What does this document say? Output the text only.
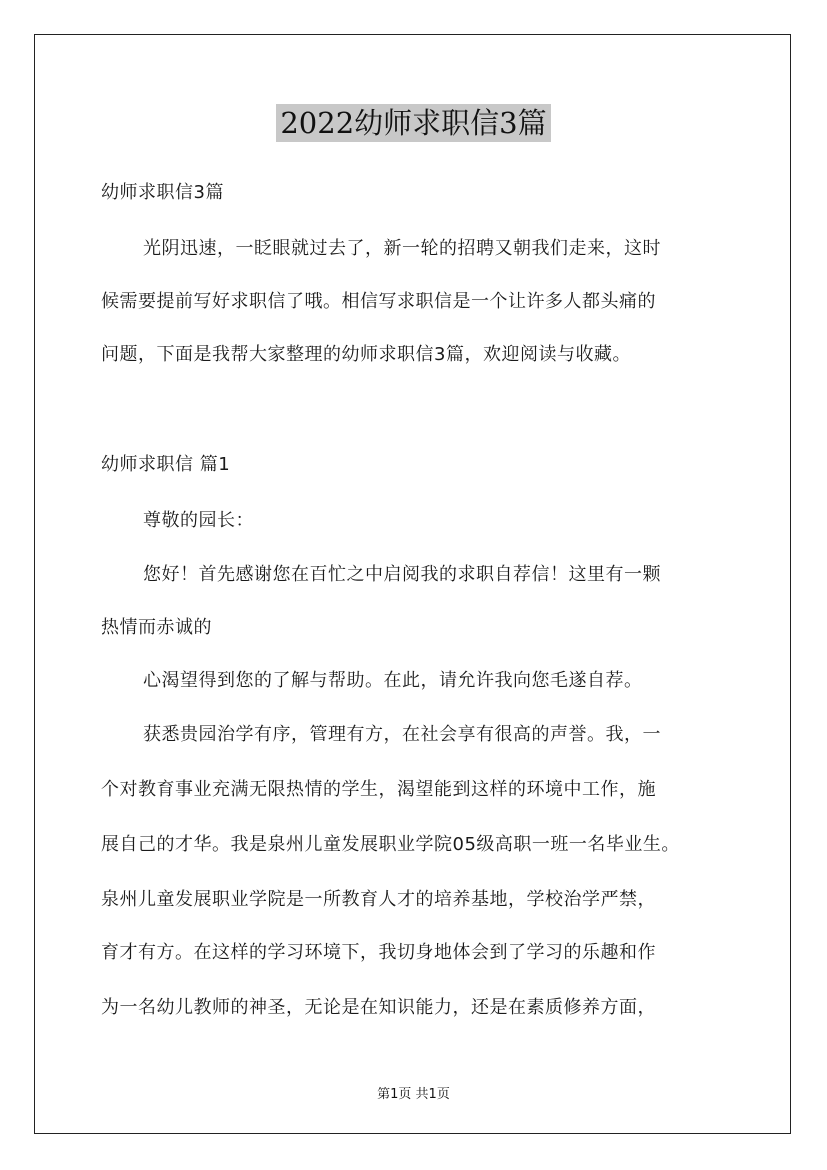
2022幼师求职信3篇
幼师求职信3篇
光阴迅速，一眨眼就过去了，新一轮的招聘又朝我们走来，这时
候需要提前写好求职信了哦。相信写求职信是一个让许多人都头痛的
问题，下面是我帮大家整理的幼师求职信3篇，欢迎阅读与收藏。
幼师求职信 篇1
尊敬的园长：
您好！首先感谢您在百忙之中启阅我的求职自荐信！这里有一颗
热情而赤诚的
心渴望得到您的了解与帮助。在此，请允许我向您毛遂自荐。
获悉贵园治学有序，管理有方，在社会享有很高的声誉。我，一
个对教育事业充满无限热情的学生，渴望能到这样的环境中工作，施
展自己的才华。我是泉州儿童发展职业学院05级高职一班一名毕业生。
泉州儿童发展职业学院是一所教育人才的培养基地，学校治学严禁，
育才有方。在这样的学习环境下，我切身地体会到了学习的乐趣和作
为一名幼儿教师的神圣，无论是在知识能力，还是在素质修养方面，
第1页 共1页
